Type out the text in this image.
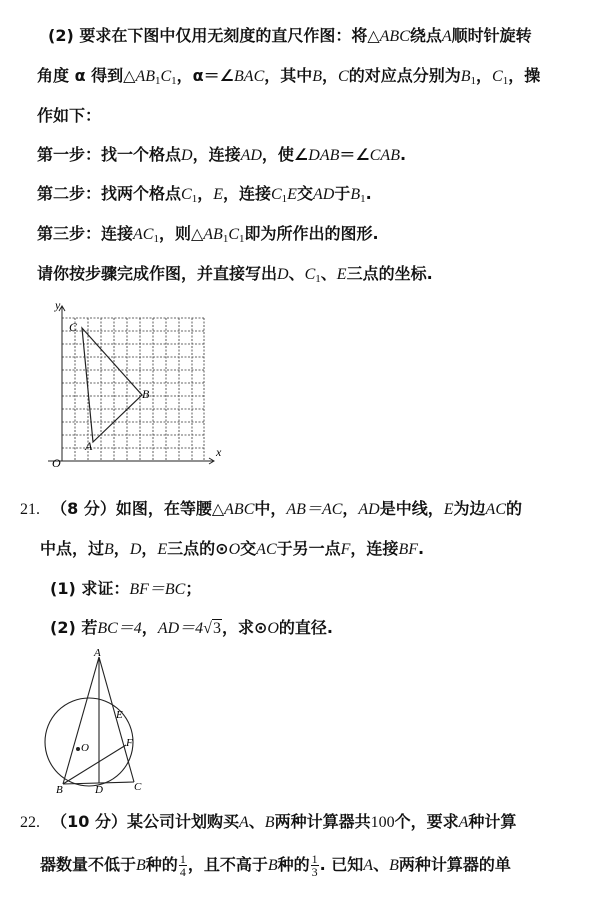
(2) 要求在下图中仅用无刻度的直尺作图：将△ABC绕点A顺时针旋转
角度 α 得到$\triangle AB_1C_1$，α＝∠BAC，其中B，C的对应点分别为$B_1$，$C_1$，操
作如下：
第一步：找一个格点D，连接AD，使∠DAB＝∠CAB.
第二步：找两个格点$C_1$，E，连接$C_1E$交AD于$B_1$.
第三步：连接$AC_1$，则$\triangle AB_1C_1$即为所作出的图形.
请你按步骤完成作图，并直接写出D、$C_1$、E三点的坐标.
y
x
O
C
B
A
21. （8 分）如图，在等腰△ABC中，AB＝AC，AD是中线，E为边AC的
中点，过B，D，E三点的⊙O交AC于另一点F，连接BF.
(1) 求证：BF＝BC；
(2) 若BC＝4，AD＝4√3，求⊙O的直径.
A
E
O	F
B	D	C
22. （10 分）某公司计划购买A、B两种计算器共100个，要求A种计算
器数量不低于B种的 $\frac{1}{4}$ ，且不高于B种的 $\frac{1}{3}$ . 已知A、B两种计算器的单
